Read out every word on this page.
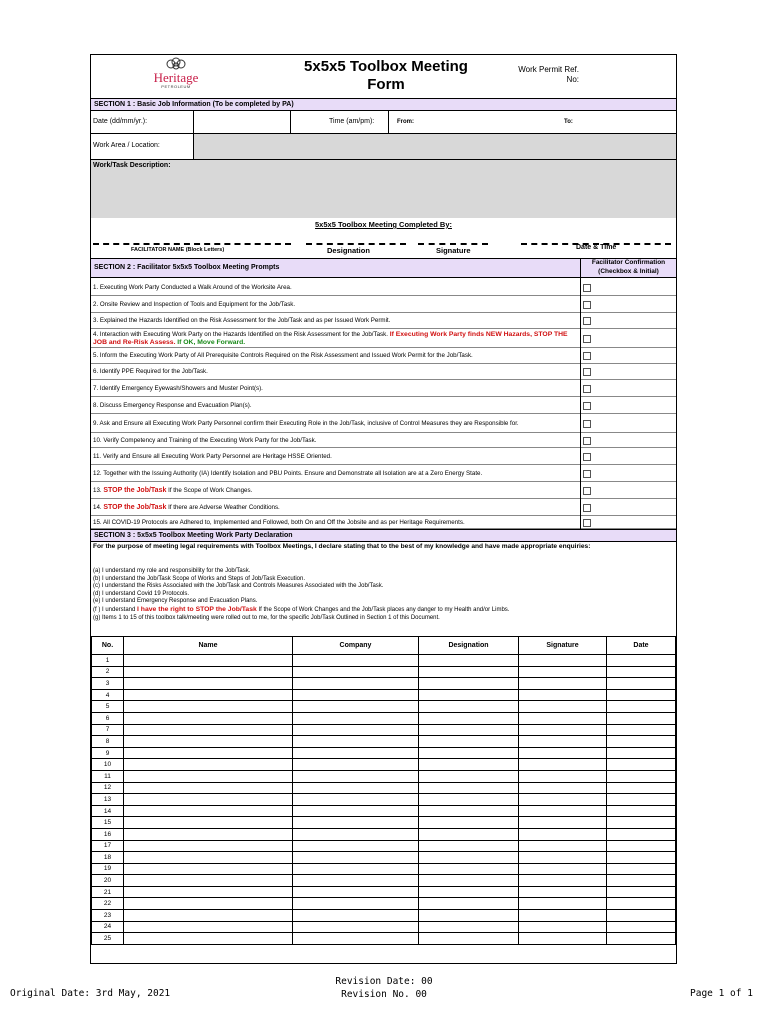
Heritage
PETROLEUM
5x5x5 Toolbox Meeting
Form
Work Permit Ref.
No:
SECTION 1 : Basic Job Information (To be completed by PA)
Date (dd/mm/yr.):	Time (am/pm):	From:	To:
Work Area / Location:
Work/Task Description:
5x5x5 Toolbox Meeting Completed By:
FACILITATOR NAME (Block Letters)	Designation	Signature	Date & Time
SECTION 2 : Facilitator 5x5x5 Toolbox Meeting Prompts
Facilitator Confirmation
(Checkbox & Initial)
1. Executing Work Party Conducted a Walk Around of the Worksite Area.
2. Onsite Review and Inspection of Tools and Equipment for the Job/Task.
3. Explained the Hazards Identified on the Risk Assessment for the Job/Task and as per Issued Work Permit.
4. Interaction with Executing Work Party on the Hazards Identified on the Risk Assessment for the Job/Task. If Executing Work Party finds NEW Hazards, STOP THE JOB and Re-Risk Assess. If OK, Move Forward.
5. Inform the Executing Work Party of All Prerequisite Controls Required on the Risk Assessment and Issued Work Permit for the Job/Task.
6. Identify PPE Required for the Job/Task.
7. Identify Emergency Eyewash/Showers and Muster Point(s).
8. Discuss Emergency Response and Evacuation Plan(s).
9. Ask and Ensure all Executing Work Party Personnel confirm their Executing Role in the Job/Task, inclusive of Control Measures they are Responsible for.
10. Verify Competency and Training of the Executing Work Party for the Job/Task.
11. Verify and Ensure all Executing Work Party Personnel are Heritage HSSE Oriented.
12. Together with the Issuing Authority (IA) Identify Isolation and PBU Points. Ensure and Demonstrate all Isolation are at a Zero Energy State.
13. STOP the Job/Task If the Scope of Work Changes.
14. STOP the Job/Task If there are Adverse Weather Conditions.
15. All COVID-19 Protocols are Adhered to, Implemented and Followed, both On and Off the Jobsite and as per Heritage Requirements.
SECTION 3 : 5x5x5 Toolbox Meeting Work Party Declaration
For the purpose of meeting legal requirements with Toolbox Meetings, I declare stating that to the best of my knowledge and have made appropriate enquiries:
(a) I understand my role and responsibility for the Job/Task.
(b) I understand the Job/Task Scope of Works and Steps of Job/Task Execution.
(c) I understand the Risks Associated with the Job/Task and Controls Measures Associated with the Job/Task.
(d) I understand Covid 19 Protocols.
(e) I understand Emergency Response and Evacuation Plans.
(f ) I understand I have the right to STOP the Job/Task If the Scope of Work Changes and the Job/Task places any danger to my Health and/or Limbs.
(g) Items 1 to 15 of this toolbox talk/meeting were rolled out to me, for the specific Job/Task Outlined in Section 1 of this Document.
No.	Name	Company	Designation	Signature	Date
1					
2					
3					
4					
5					
6					
7					
8					
9					
10					
11					
12					
13					
14					
15					
16					
17					
18					
19					
20					
21					
22					
23					
24					
25					
Original Date: 3rd May, 2021
Revision Date: 00
Revision No. 00	Page 1 of 1
